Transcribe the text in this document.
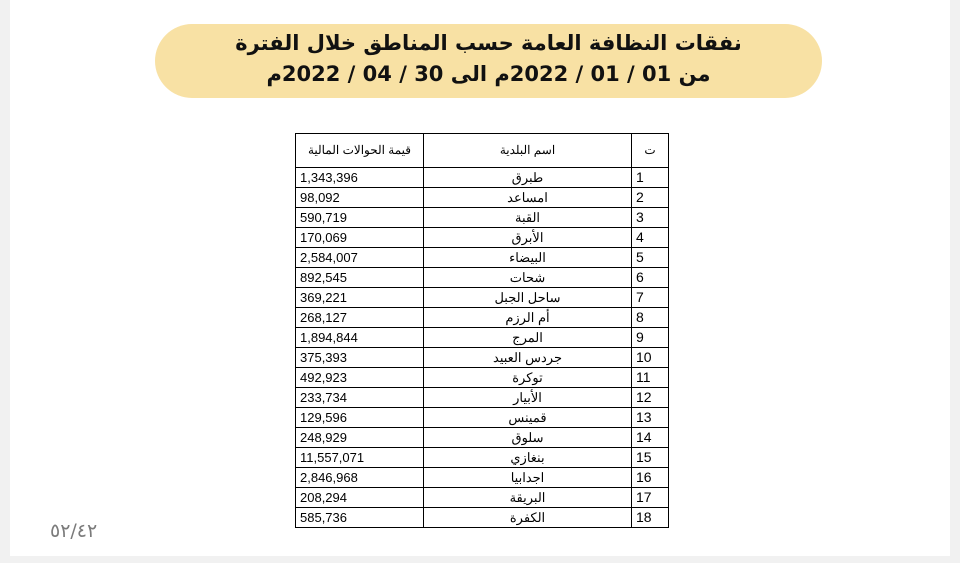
نفقات النظافة العامة حسب المناطق خلال الفترة
من 01 / 01 / 2022م الى 30 / 04 / 2022م
ت	اسم البلدية	قيمة الحوالات المالية
1	طبرق	1,343,396
2	امساعد	98,092
3	القبة	590,719
4	الأبرق	170,069
5	البيضاء	2,584,007
6	شحات	892,545
7	ساحل الجبل	369,221
8	أم الرزم	268,127
9	المرج	1,894,844
10	جردس العبيد	375,393
11	توكرة	492,923
12	الأبيار	233,734
13	قمينس	129,596
14	سلوق	248,929
15	بنغازي	11,557,071
16	اجدابيا	2,846,968
17	البريقة	208,294
18	الكفرة	585,736
٥٢/٤٢
